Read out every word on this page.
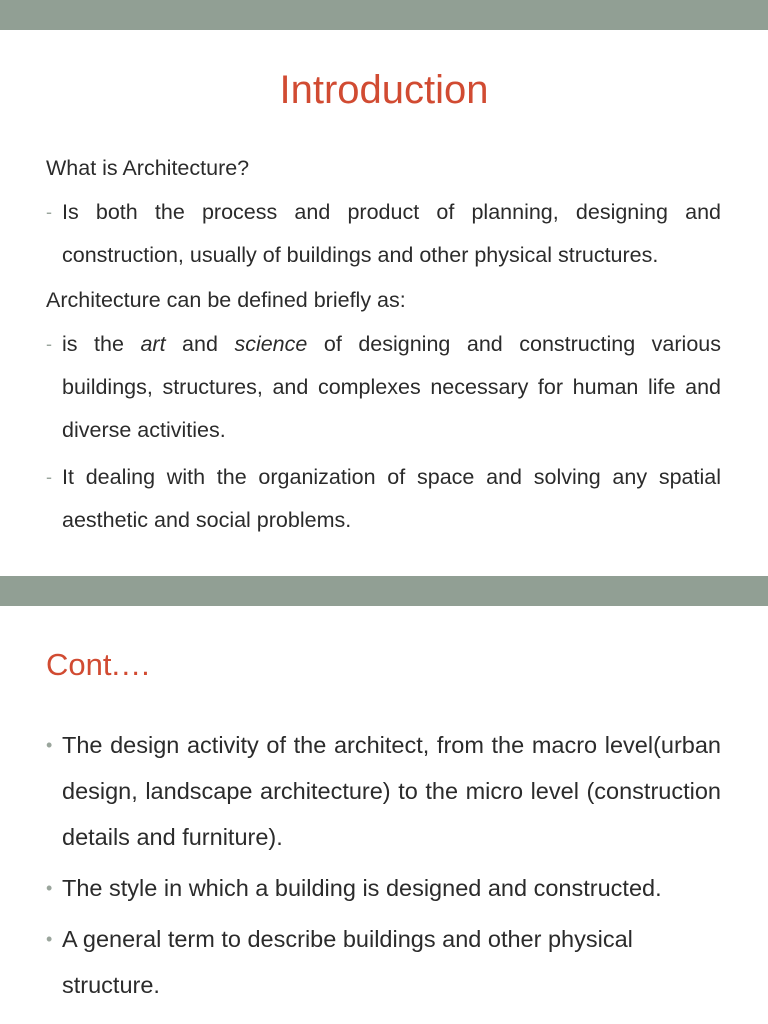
Introduction

What is Architecture?

- Is both the process and product of planning, designing and construction, usually of buildings and other physical structures.

Architecture can be defined briefly as:

- is the art and science of designing and constructing various buildings, structures, and complexes necessary for human life and diverse activities.
- It dealing with the organization of space and solving any spatial aesthetic and social problems.
Cont.…
• The design activity of the architect, from the macro level(urban design, landscape architecture) to the micro level (construction details and furniture).
• The style in which a building is designed and constructed.
• A general term to describe buildings and other physical structure.
